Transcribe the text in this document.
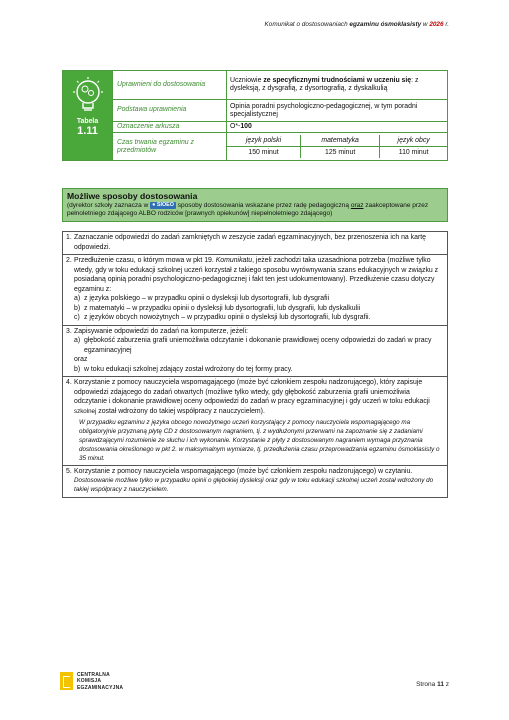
Komunikat o dostosowaniach egzaminu ósmoklasisty w 2026 r.
Tabela
1.11
	Uprawnieni do dostosowania	Uczniowie ze specyficznymi trudnościami w uczeniu się: z dysleksją, z dysgrafią, z dysortografią, z dyskalkulią
Podstawa uprawnienia	Opinia poradni psychologiczno-pedagogicznej, w tym poradni specjalistycznej
Oznaczenie arkusza	O*-100
Czas trwania egzaminu z przedmiotów	
język polski	matematyka	język obcy
150 minut	125 minut	110 minut
Możliwe sposoby dostosowania
(dyrektor szkoły zaznacza w ● SIOEO sposoby dostosowania wskazane przez radę pedagogiczną oraz zaakceptowane przez pełnoletniego zdającego ALBO rodziców [prawnych opiekunów] niepełnoletniego zdającego)
1. Zaznaczanie odpowiedzi do zadań zamkniętych w zeszycie zadań egzaminacyjnych, bez przenoszenia ich na kartę odpowiedzi.

2. Przedłużenie czasu, o którym mowa w pkt 19. Komunikatu, jeżeli zachodzi taka uzasadniona potrzeba (możliwe tylko wtedy, gdy w toku edukacji szkolnej uczeń korzystał z takiego sposobu wyrównywania szans edukacyjnych w związku z posiadaną opinią poradni psychologiczno-pedagogicznej i fakt ten jest udokumentowany). Przedłużenie czasu dotyczy egzaminu z:
a) z języka polskiego – w przypadku opinii o dysleksji lub dysortografii, lub dysgrafii
b) z matematyki – w przypadku opinii o dysleksji lub dysortografii, lub dysgrafii, lub dyskalkulii
c) z języków obcych nowożytnych – w przypadku opinii o dysleksji lub dysortografii, lub dysgrafii.

3. Zapisywanie odpowiedzi do zadań na komputerze, jeżeli:
a) głębokość zaburzenia grafii uniemożliwia odczytanie i dokonanie prawidłowej oceny odpowiedzi do zadań w pracy egzaminacyjnej
oraz
b) w toku edukacji szkolnej zdający został wdrożony do tej formy pracy.

4. Korzystanie z pomocy nauczyciela wspomagającego (może być członkiem zespołu nadzorującego), który zapisuje odpowiedzi zdającego do zadań otwartych (możliwe tylko wtedy, gdy głębokość zaburzenia grafii uniemożliwia odczytanie i dokonanie prawidłowej oceny odpowiedzi do zadań w pracy egzaminacyjnej i gdy uczeń w toku edukacji szkolnej został wdrożony do takiej współpracy z nauczycielem).
W przypadku egzaminu z języka obcego nowożytnego uczeń korzystający z pomocy nauczyciela wspomagającego ma obligatoryjnie przyznaną płytę CD z dostosowanym nagraniem, tj. z wydłużonymi przerwami na zapoznanie się z zadaniami sprawdzającymi rozumienie ze słuchu i ich wykonanie. Korzystanie z płyty z dostosowanym nagraniem wymaga przyznania dostosowania określonego w pkt 2. w maksymalnym wymiarze, tj. przedłużenia czasu przeprowadzania egzaminu ósmoklasisty o 35 minut.

5. Korzystanie z pomocy nauczyciela wspomagającego (może być członkiem zespołu nadzorującego) w czytaniu.
Dostosowanie możliwe tylko w przypadku opinii o głębokiej dysleksji oraz gdy w toku edukacji szkolnej uczeń został wdrożony do takiej współpracy z nauczycielem.
CENTRALNA
KOMISJA
EGZAMINACYJNA	Strona 11 z
